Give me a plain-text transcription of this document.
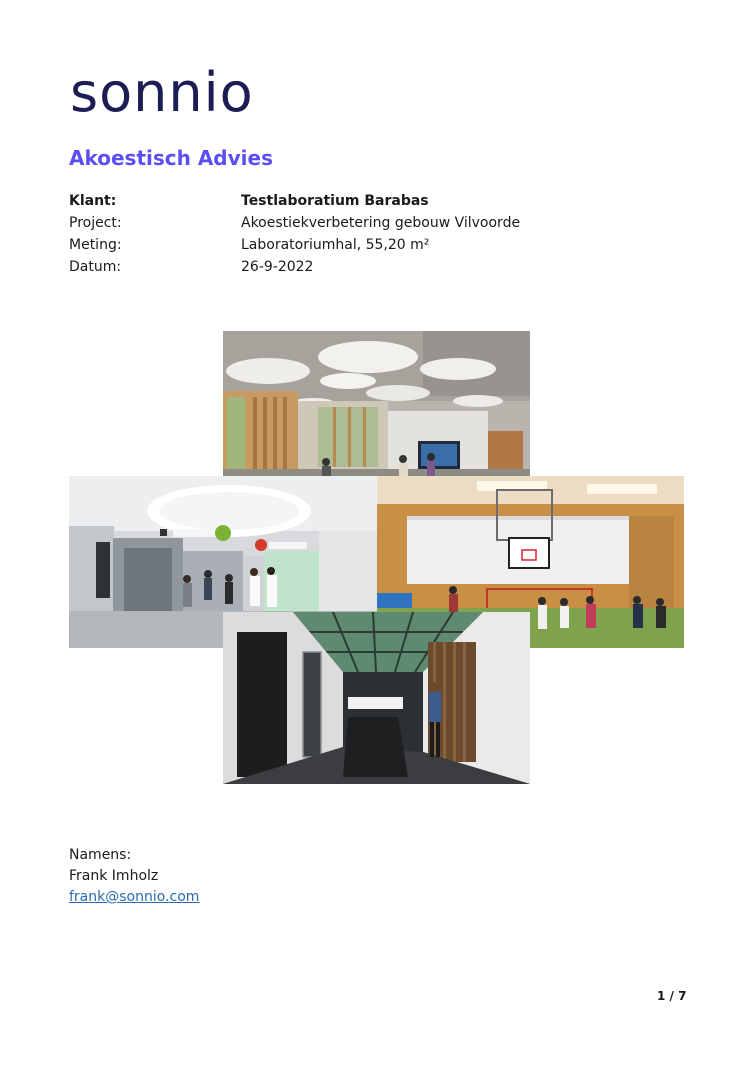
sonnio
Akoestisch Advies
Klant:	Testlaboratium Barabas
Project:	Akoestiekverbetering gebouw Vilvoorde
Meting:	Laboratoriumhal, 55,20 m²
Datum:	26-9-2022
Namens:
Frank Imholz
frank@sonnio.com
1 / 7
